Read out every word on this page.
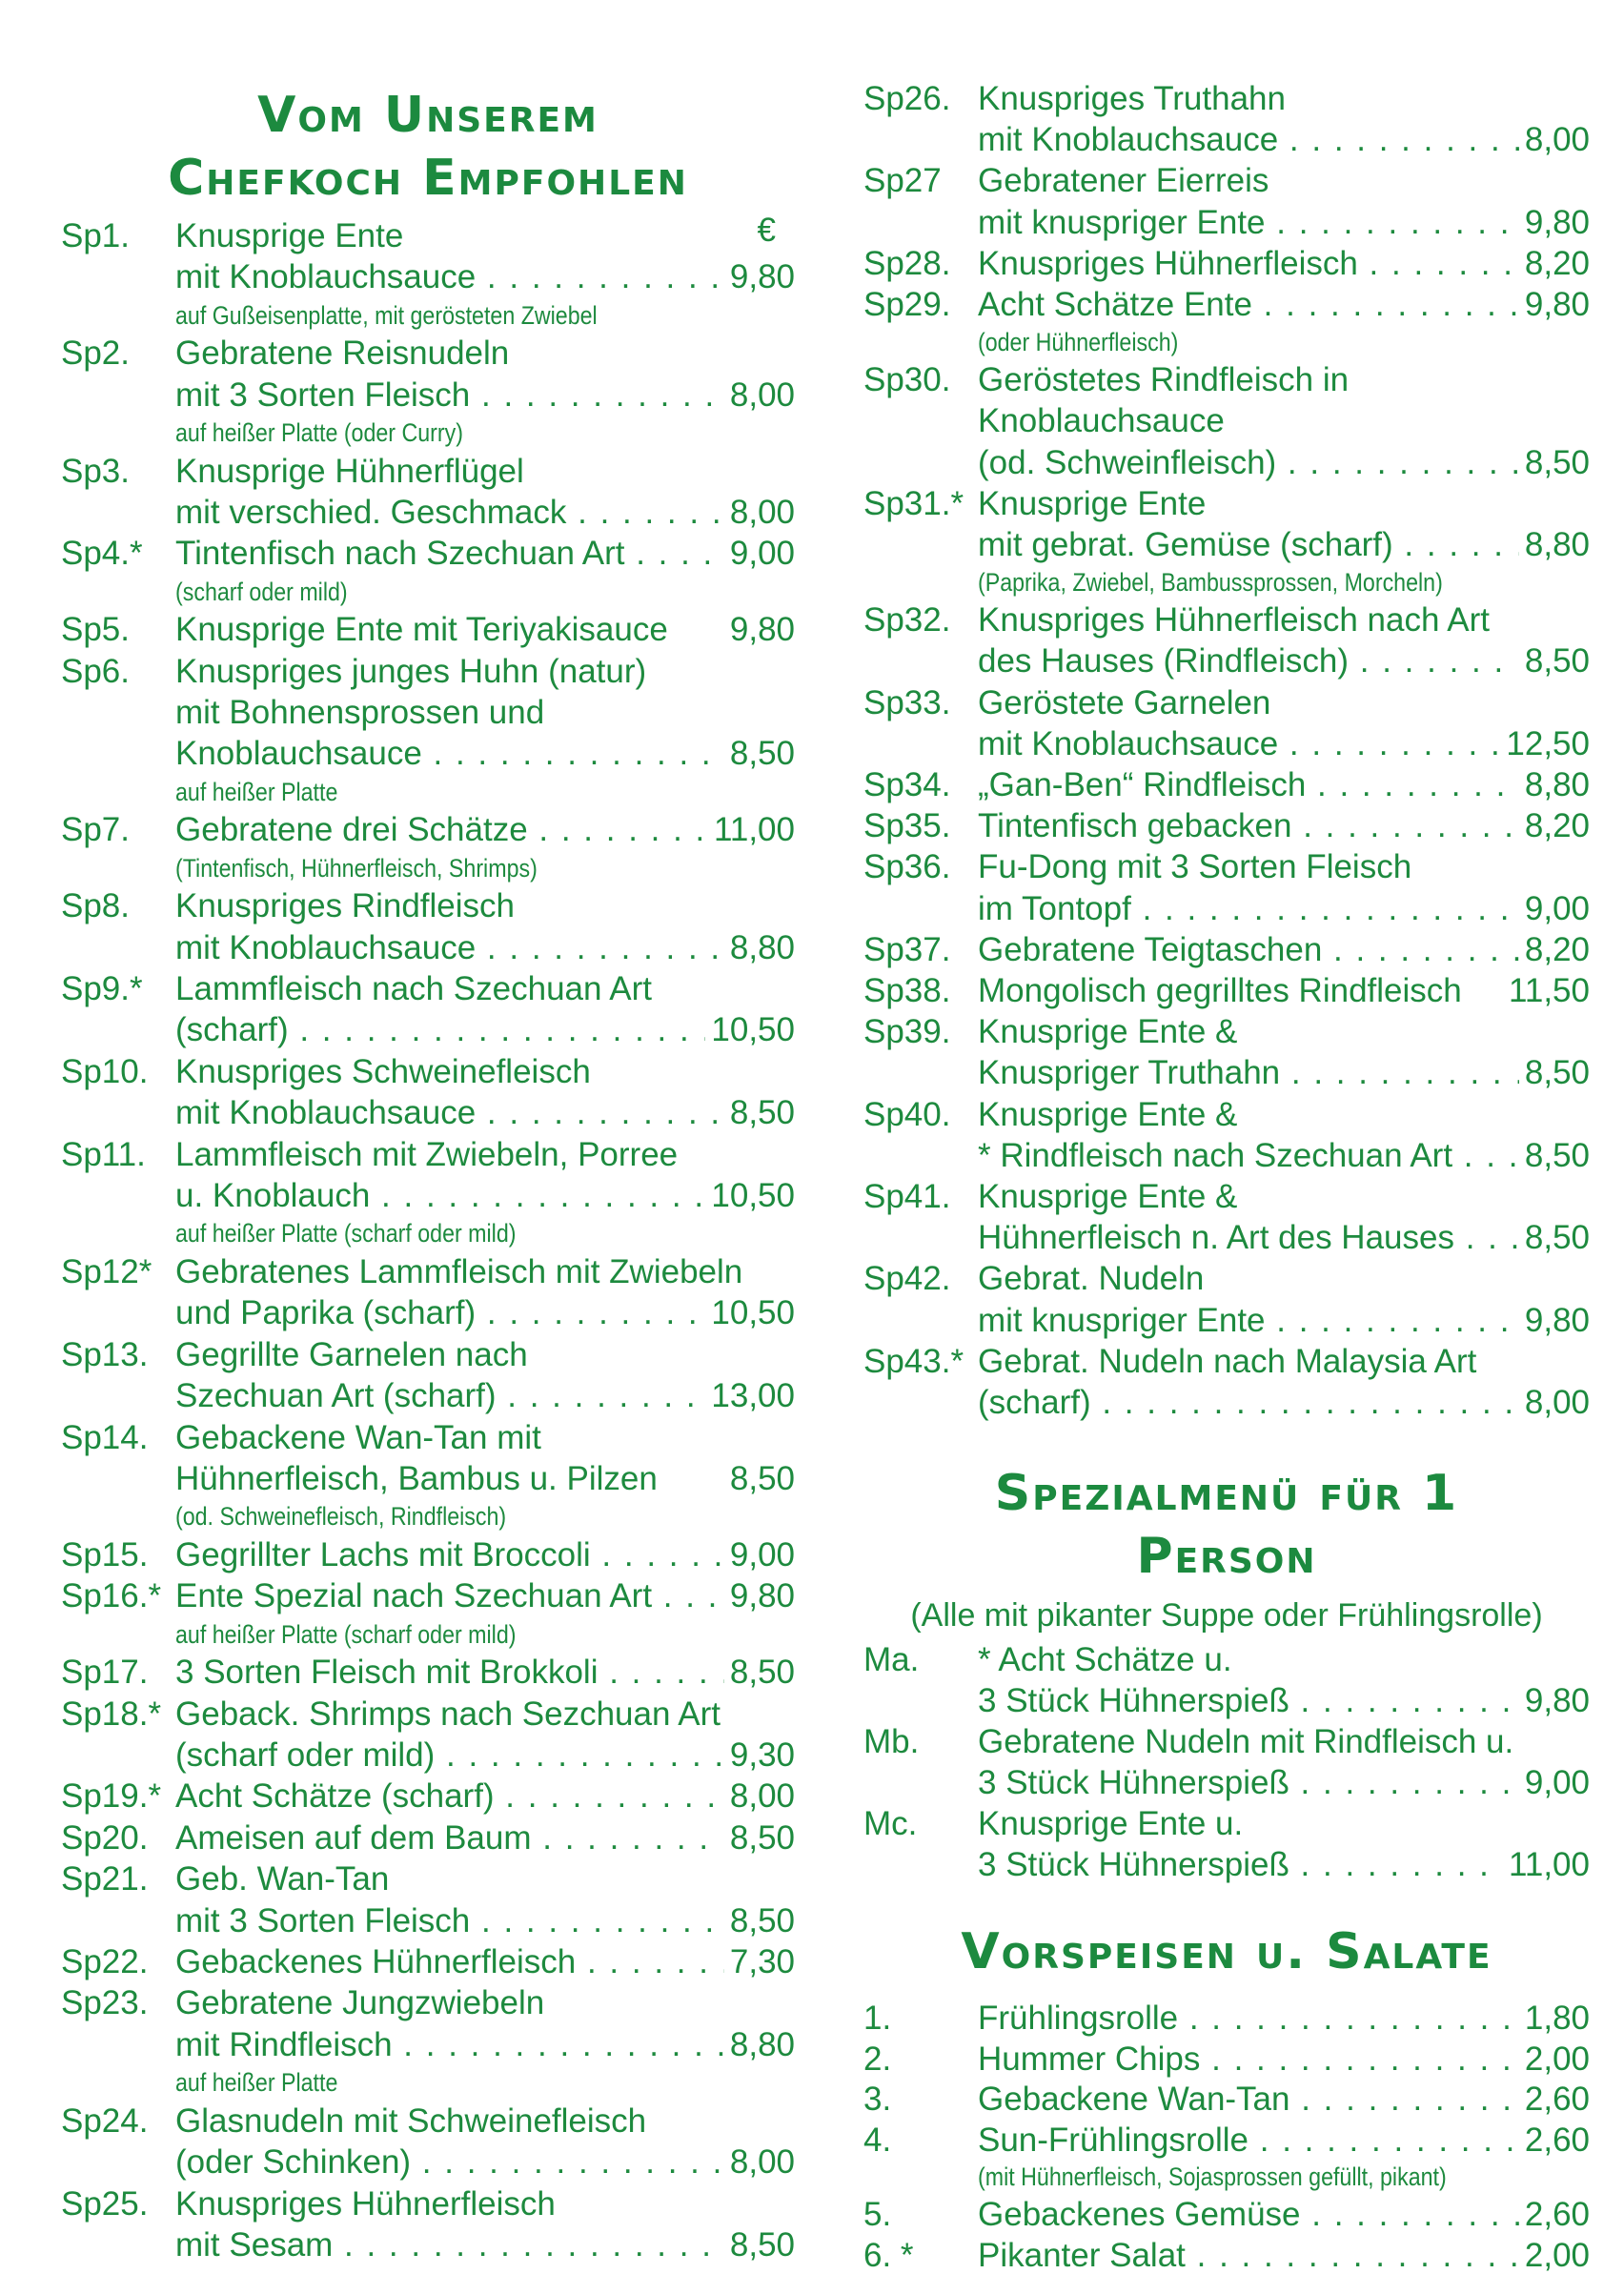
Vom Unserem
Chefkoch Empfohlen
€
Sp1. Knusprige Ente
mit Knoblauchsauce . . .	9,80
auf Gußeisenplatte, mit gerösteten Zwiebel
Sp2. Gebratene Reisnudeln
mit 3 Sorten Fleisch . . .	8,00
auf heißer Platte (oder Curry)
Sp3. Knusprige Hühnerflügel
mit verschied. Geschmack . . .	8,00
Sp4.* Tintenfisch nach Szechuan Art . . .	9,00
(scharf oder mild)
Sp5. Knusprige Ente mit Teriyakisauce 9,80
Sp6. Knuspriges junges Huhn (natur)
mit Bohnensprossen und
Knoblauchsauce . . .	8,50
auf heißer Platte
Sp7. Gebratene drei Schätze . . .	11,00
(Tintenfisch, Hühnerfleisch, Shrimps)
Sp8. Knuspriges Rindfleisch
mit Knoblauchsauce . . .	8,80
Sp9.* Lammfleisch nach Szechuan Art
(scharf) . . .	10,50
Sp10. Knuspriges Schweinefleisch
mit Knoblauchsauce . . .	8,50
Sp11. Lammfleisch mit Zwiebeln, Porree
u. Knoblauch . . .	10,50
auf heißer Platte (scharf oder mild)
Sp12* Gebratenes Lammfleisch mit Zwiebeln
und Paprika (scharf) . . .	10,50
Sp13. Gegrillte Garnelen nach
Szechuan Art (scharf) . . .	13,00
Sp14. Gebackene Wan-Tan mit
Hühnerfleisch, Bambus u. Pilzen 8,50
(od. Schweinefleisch, Rindfleisch)
Sp15. Gegrillter Lachs mit Broccoli . . .	9,00
Sp16.* Ente Spezial nach Szechuan Art . . .	9,80
auf heißer Platte (scharf oder mild)
Sp17. 3 Sorten Fleisch mit Brokkoli . . .	8,50
Sp18.* Geback. Shrimps nach Sezchuan Art
(scharf oder mild) . . .	9,30
Sp19.* Acht Schätze (scharf) . . .	8,00
Sp20. Ameisen auf dem Baum . . .	8,50
Sp21. Geb. Wan-Tan
mit 3 Sorten Fleisch . . .	8,50
Sp22. Gebackenes Hühnerfleisch . . .	7,30
Sp23. Gebratene Jungzwiebeln
mit Rindfleisch . . .	8,80
auf heißer Platte
Sp24. Glasnudeln mit Schweinefleisch
(oder Schinken) . . .	8,00
Sp25. Knuspriges Hühnerfleisch
mit Sesam . . .	8,50
Sp26. Knuspriges Truthahn
mit Knoblauchsauce . . .	8,00
Sp27 Gebratener Eierreis
mit knuspriger Ente . . .	9,80
Sp28. Knuspriges Hühnerfleisch . . .	8,20
Sp29. Acht Schätze Ente . . .	9,80
(oder Hühnerfleisch)
Sp30. Geröstetes Rindfleisch in
Knoblauchsauce
(od. Schweinfleisch) . . .	8,50
Sp31.* Knusprige Ente
mit gebrat. Gemüse (scharf) . . .	8,80
(Paprika, Zwiebel, Bambussprossen, Morcheln)
Sp32. Knuspriges Hühnerfleisch nach Art
des Hauses (Rindfleisch) . . .	8,50
Sp33. Geröstete Garnelen
mit Knoblauchsauce . . .	12,50
Sp34. „Gan-Ben“ Rindfleisch . . .	8,80
Sp35. Tintenfisch gebacken . . .	8,20
Sp36. Fu-Dong mit 3 Sorten Fleisch
im Tontopf . . .	9,00
Sp37. Gebratene Teigtaschen . . .	8,20
Sp38. Mongolisch gegrilltes Rindfleisch 11,50
Sp39. Knusprige Ente &
Knuspriger Truthahn . . .	8,50
Sp40. Knusprige Ente &
* Rindfleisch nach Szechuan Art . . .	8,50
Sp41. Knusprige Ente &
Hühnerfleisch n. Art des Hauses . . .	8,50
Sp42. Gebrat. Nudeln
mit knuspriger Ente . . .	9,80
Sp43.* Gebrat. Nudeln nach Malaysia Art
(scharf) . . .	8,00
Spezialmenü für 1
Person
(Alle mit pikanter Suppe oder Frühlingsrolle)
Ma. * Acht Schätze u.
3 Stück Hühnerspieß . . .	9,80
Mb. Gebratene Nudeln mit Rindfleisch u.
3 Stück Hühnerspieß . . .	9,00
Mc. Knusprige Ente u.
3 Stück Hühnerspieß . . .	11,00
Vorspeisen u. Salate
1.	Frühlingsrolle . . .	1,80
2.	Hummer Chips . . .	2,00
3.	Gebackene Wan-Tan . . .	2,60
4.	Sun-Frühlingsrolle . . .	2,60
(mit Hühnerfleisch, Sojasprossen gefüllt, pikant)
5.	Gebackenes Gemüse . . .	2,60
6. * Pikanter Salat . . .	2,00
